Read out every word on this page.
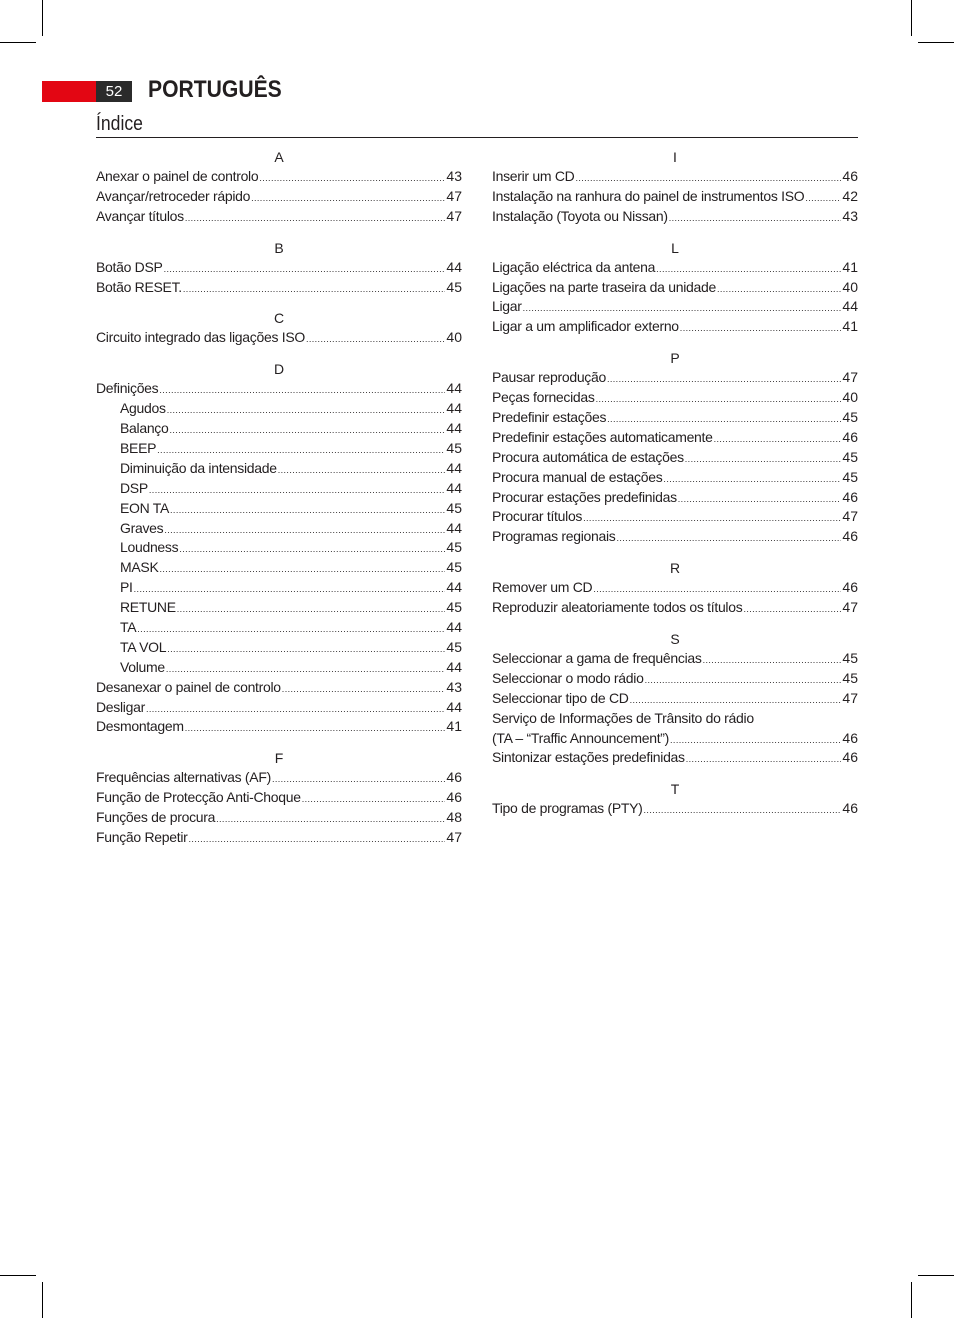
52	PORTUGUÊS
Índice
A
Anexar o painel de controlo .....	43
Avançar/retroceder rápido .....	47
Avançar títulos .....	47
B
Botão DSP .....	44
Botão RESET. .....	45
C
Circuito integrado das ligações ISO .....	40
D
Definições .....	44
Agudos .....	44
Balanço .....	44
BEEP .....	45
Diminuição da intensidade .....	44
DSP .....	44
EON TA .....	45
Graves .....	44
Loudness .....	45
MASK .....	45
PI .....	44
RETUNE .....	45
TA .....	44
TA VOL .....	45
Volume .....	44
Desanexar o painel de controlo .....	43
Desligar .....	44
Desmontagem .....	41
F
Frequências alternativas (AF) .....	46
Função de Protecção Anti-Choque .....	46
Funções de procura .....	48
Função Repetir .....	47
I
Inserir um CD .....	46
Instalação na ranhura do painel de instrumentos ISO .....	42
Instalação (Toyota ou Nissan) .....	43
L
Ligação eléctrica da antena .....	41
Ligações na parte traseira da unidade .....	40
Ligar .....	44
Ligar a um amplificador externo .....	41
P
Pausar reprodução .....	47
Peças fornecidas .....	40
Predefinir estações .....	45
Predefinir estações automaticamente .....	46
Procura automática de estações .....	45
Procura manual de estações .....	45
Procurar estações predefinidas .....	46
Procurar títulos .....	47
Programas regionais .....	46
R
Remover um CD .....	46
Reproduzir aleatoriamente todos os títulos .....	47
S
Seleccionar a gama de frequências .....	45
Seleccionar o modo rádio .....	45
Seleccionar tipo de CD .....	47
Serviço de Informações de Trânsito do rádio
(TA – “Traffic Announcement”) .....	46
Sintonizar estações predefinidas .....	46
T
Tipo de programas (PTY) .....	46
